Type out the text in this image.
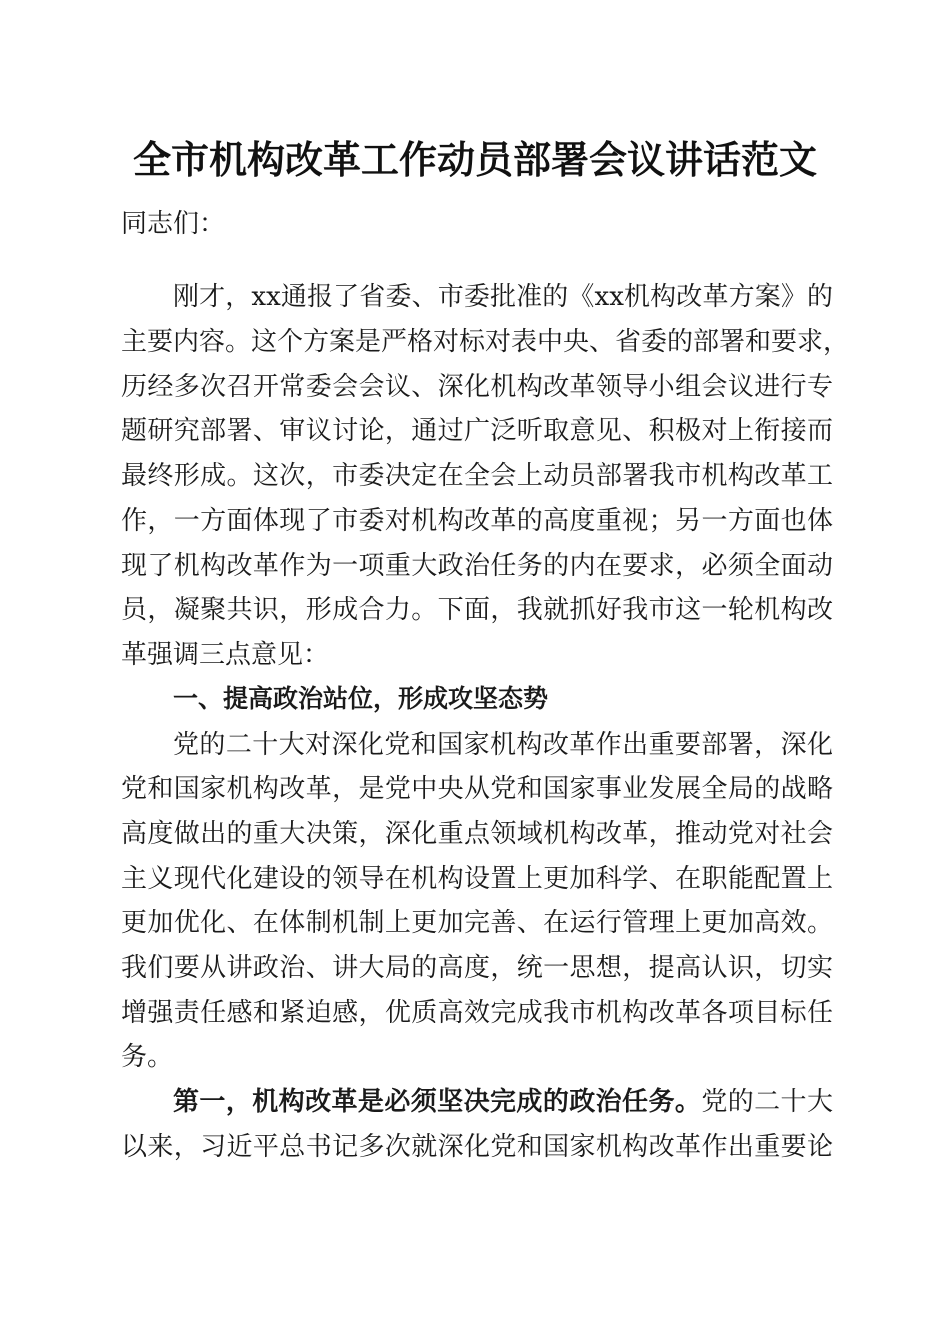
全市机构改革工作动员部署会议讲话范文
同志们：
刚才，xx通报了省委、市委批准的《xx机构改革方案》的
主要内容。这个方案是严格对标对表中央、省委的部署和要求，
历经多次召开常委会会议、深化机构改革领导小组会议进行专
题研究部署、审议讨论，通过广泛听取意见、积极对上衔接而
最终形成。这次，市委决定在全会上动员部署我市机构改革工
作，一方面体现了市委对机构改革的高度重视；另一方面也体
现了机构改革作为一项重大政治任务的内在要求，必须全面动
员，凝聚共识，形成合力。下面，我就抓好我市这一轮机构改
革强调三点意见：
一、提高政治站位，形成攻坚态势
党的二十大对深化党和国家机构改革作出重要部署，深化
党和国家机构改革，是党中央从党和国家事业发展全局的战略
高度做出的重大决策，深化重点领域机构改革，推动党对社会
主义现代化建设的领导在机构设置上更加科学、在职能配置上
更加优化、在体制机制上更加完善、在运行管理上更加高效。
我们要从讲政治、讲大局的高度，统一思想，提高认识，切实
增强责任感和紧迫感，优质高效完成我市机构改革各项目标任
务。
第一，机构改革是必须坚决完成的政治任务。党的二十大
以来，习近平总书记多次就深化党和国家机构改革作出重要论
